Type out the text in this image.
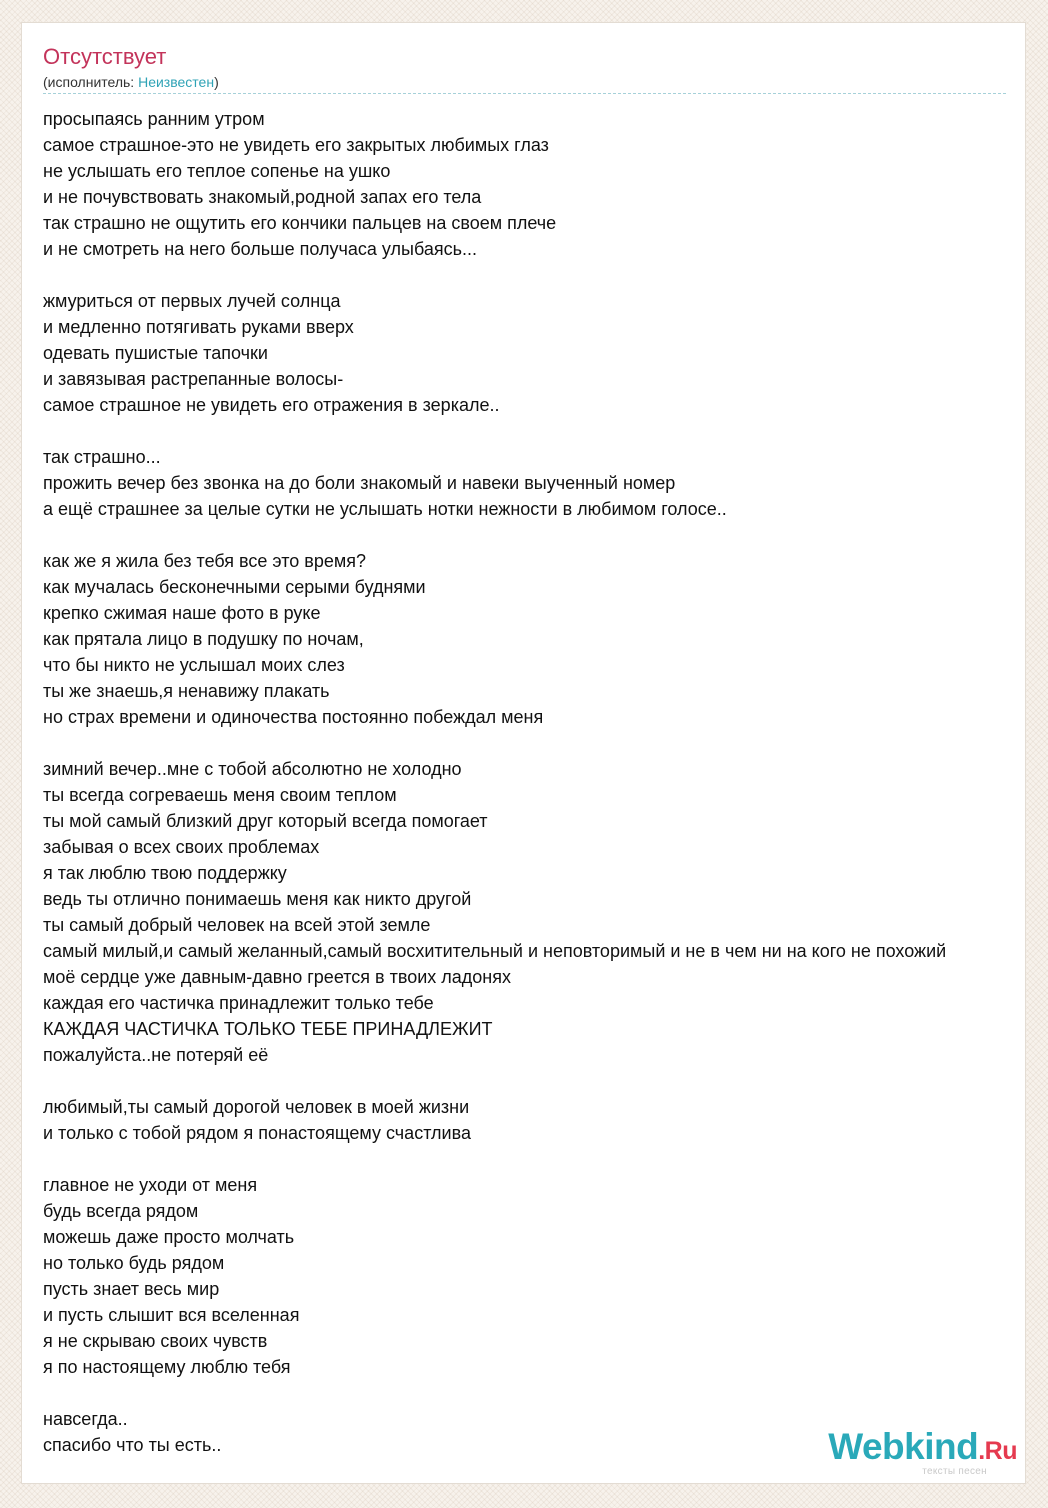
Отсутствует
(исполнитель: Неизвестен)
просыпаясь ранним утром
самое страшное-это не увидеть его закрытых любимых глаз
не услышать его теплое сопенье на ушко
и не почувствовать знакомый,родной запах его тела
так страшно не ощутить его кончики пальцев на своем плече
и не смотреть на него больше получаса улыбаясь...
жмуриться от первых лучей солнца
и медленно потягивать руками вверх
одевать пушистые тапочки
и завязывая растрепанные волосы-
самое страшное не увидеть его отражения в зеркале..
так страшно...
прожить вечер без звонка на до боли знакомый и навеки выученный номер
а ещё страшнее за целые сутки не услышать нотки нежности в любимом голосе..
как же я жила без тебя все это время?
как мучалась бесконечными серыми буднями
крепко сжимая наше фото в руке
как прятала лицо в подушку по ночам,
что бы никто не услышал моих слез
ты же знаешь,я ненавижу плакать
но страх времени и одиночества постоянно побеждал меня
зимний вечер..мне с тобой абсолютно не холодно
ты всегда согреваешь меня своим теплом
ты мой самый близкий друг который всегда помогает
забывая о всех своих проблемах
я так люблю твою поддержку
ведь ты отлично понимаешь меня как никто другой
ты самый добрый человек на всей этой земле
самый милый,и самый желанный,самый восхитительный и неповторимый и не в чем ни на кого не похожий
моё сердце уже давным-давно греется в твоих ладонях
каждая его частичка принадлежит только тебе
КАЖДАЯ ЧАСТИЧКА ТОЛЬКО ТЕБЕ ПРИНАДЛЕЖИТ
пожалуйста..не потеряй её
любимый,ты самый дорогой человек в моей жизни
и только с тобой рядом я понастоящему счастлива
главное не уходи от меня
будь всегда рядом
можешь даже просто молчать
но только будь рядом
пусть знает весь мир
и пусть слышит вся вселенная
я не скрываю своих чувств
я по настоящему люблю тебя
навсегда..
спасибо что ты есть..	Webkind.Ru
тексты песен
